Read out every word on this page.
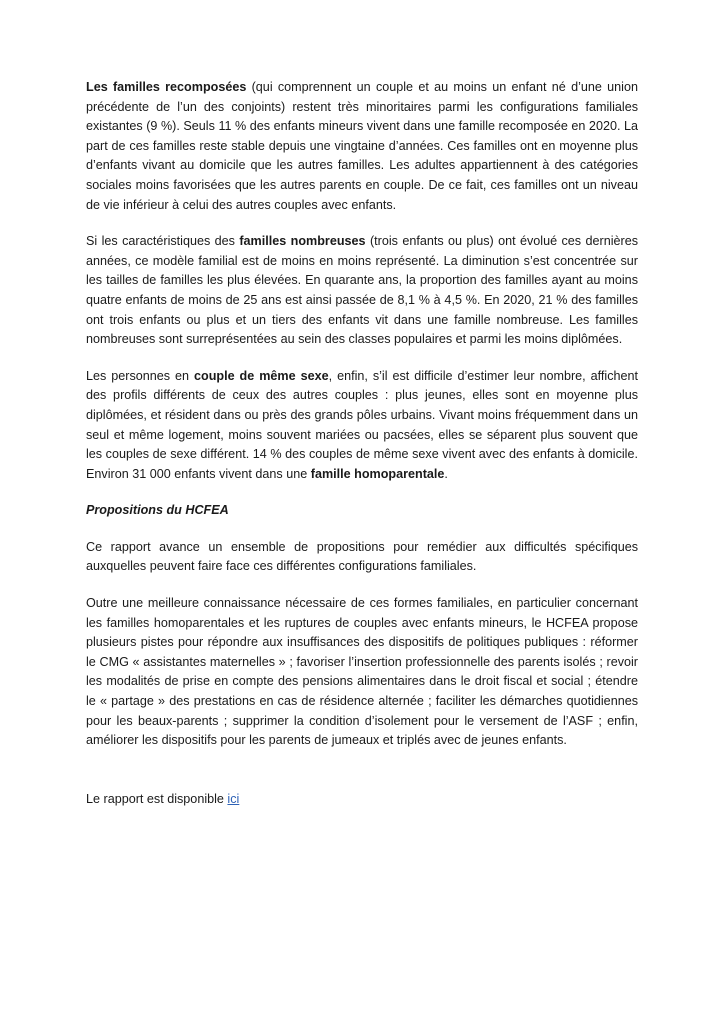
Les familles recomposées (qui comprennent un couple et au moins un enfant né d’une union précédente de l’un des conjoints) restent très minoritaires parmi les configurations familiales existantes (9 %). Seuls 11 % des enfants mineurs vivent dans une famille recomposée en 2020. La part de ces familles reste stable depuis une vingtaine d’années. Ces familles ont en moyenne plus d’enfants vivant au domicile que les autres familles. Les adultes appartiennent à des catégories sociales moins favorisées que les autres parents en couple. De ce fait, ces familles ont un niveau de vie inférieur à celui des autres couples avec enfants.

Si les caractéristiques des familles nombreuses (trois enfants ou plus) ont évolué ces dernières années, ce modèle familial est de moins en moins représenté. La diminution s’est concentrée sur les tailles de familles les plus élevées. En quarante ans, la proportion des familles ayant au moins quatre enfants de moins de 25 ans est ainsi passée de 8,1 % à 4,5 %. En 2020, 21 % des familles ont trois enfants ou plus et un tiers des enfants vit dans une famille nombreuse. Les familles nombreuses sont surreprésentées au sein des classes populaires et parmi les moins diplômées.

Les personnes en couple de même sexe, enfin, s’il est difficile d’estimer leur nombre, affichent des profils différents de ceux des autres couples : plus jeunes, elles sont en moyenne plus diplômées, et résident dans ou près des grands pôles urbains. Vivant moins fréquemment dans un seul et même logement, moins souvent mariées ou pacsées, elles se séparent plus souvent que les couples de sexe différent. 14 % des couples de même sexe vivent avec des enfants à domicile. Environ 31 000 enfants vivent dans une famille homoparentale.

Propositions du HCFEA

Ce rapport avance un ensemble de propositions pour remédier aux difficultés spécifiques auxquelles peuvent faire face ces différentes configurations familiales.

Outre une meilleure connaissance nécessaire de ces formes familiales, en particulier concernant les familles homoparentales et les ruptures de couples avec enfants mineurs, le HCFEA propose plusieurs pistes pour répondre aux insuffisances des dispositifs de politiques publiques : réformer le CMG « assistantes maternelles » ; favoriser l’insertion professionnelle des parents isolés ; revoir les modalités de prise en compte des pensions alimentaires dans le droit fiscal et social ; étendre le « partage » des prestations en cas de résidence alternée ; faciliter les démarches quotidiennes pour les beaux-parents ; supprimer la condition d’isolement pour le versement de l’ASF ; enfin, améliorer les dispositifs pour les parents de jumeaux et triplés avec de jeunes enfants.

Le rapport est disponible ici
